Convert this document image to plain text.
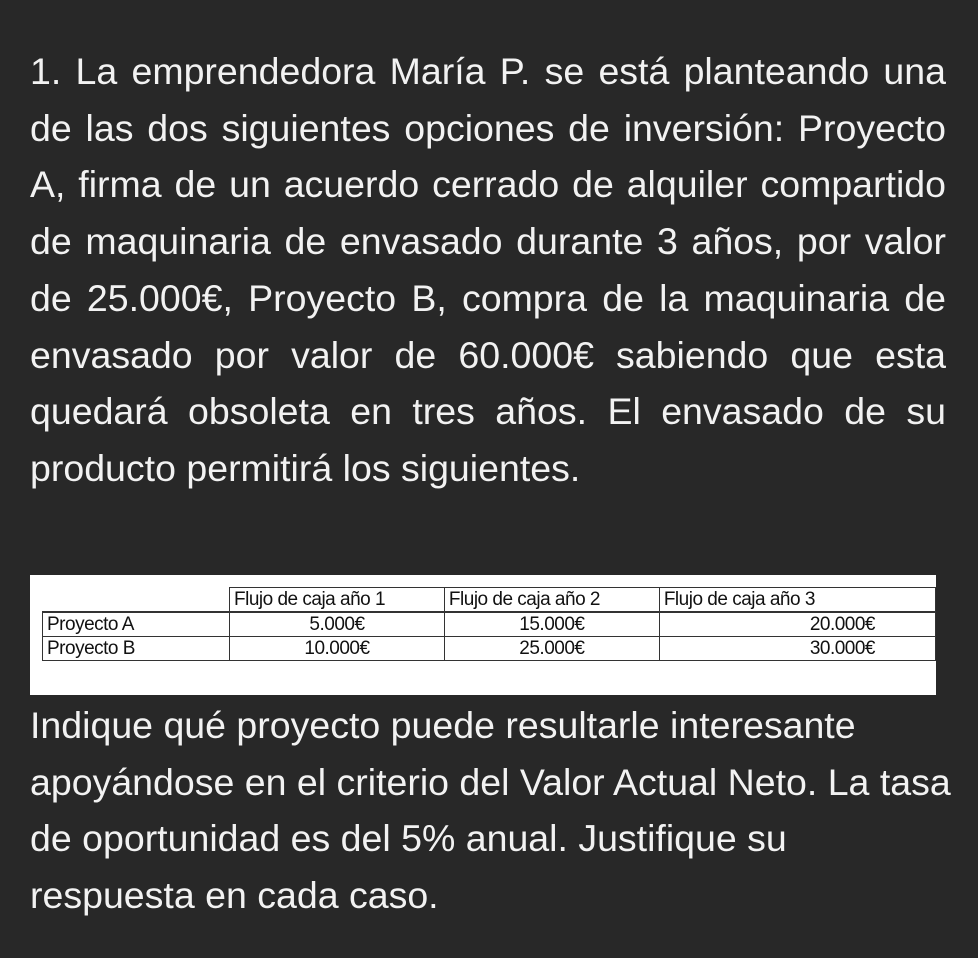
1. La emprendedora María P. se está planteando una de las dos siguientes opciones de inversión: Proyecto A, firma de un acuerdo cerrado de alquiler compartido de maquinaria de envasado durante 3 años, por valor de 25.000€, Proyecto B, compra de la maquinaria de envasado por valor de 60.000€ sabiendo que esta quedará obsoleta en tres años. El envasado de su producto permitirá los siguientes.

	Flujo de caja año 1	Flujo de caja año 2	Flujo de caja año 3
Proyecto A	5.000€	15.000€	20.000€
Proyecto B	10.000€	25.000€	30.000€

Indique qué proyecto puede resultarle interesante apoyándose en el criterio del Valor Actual Neto. La tasa de oportunidad es del 5% anual. Justifique su respuesta en cada caso.
